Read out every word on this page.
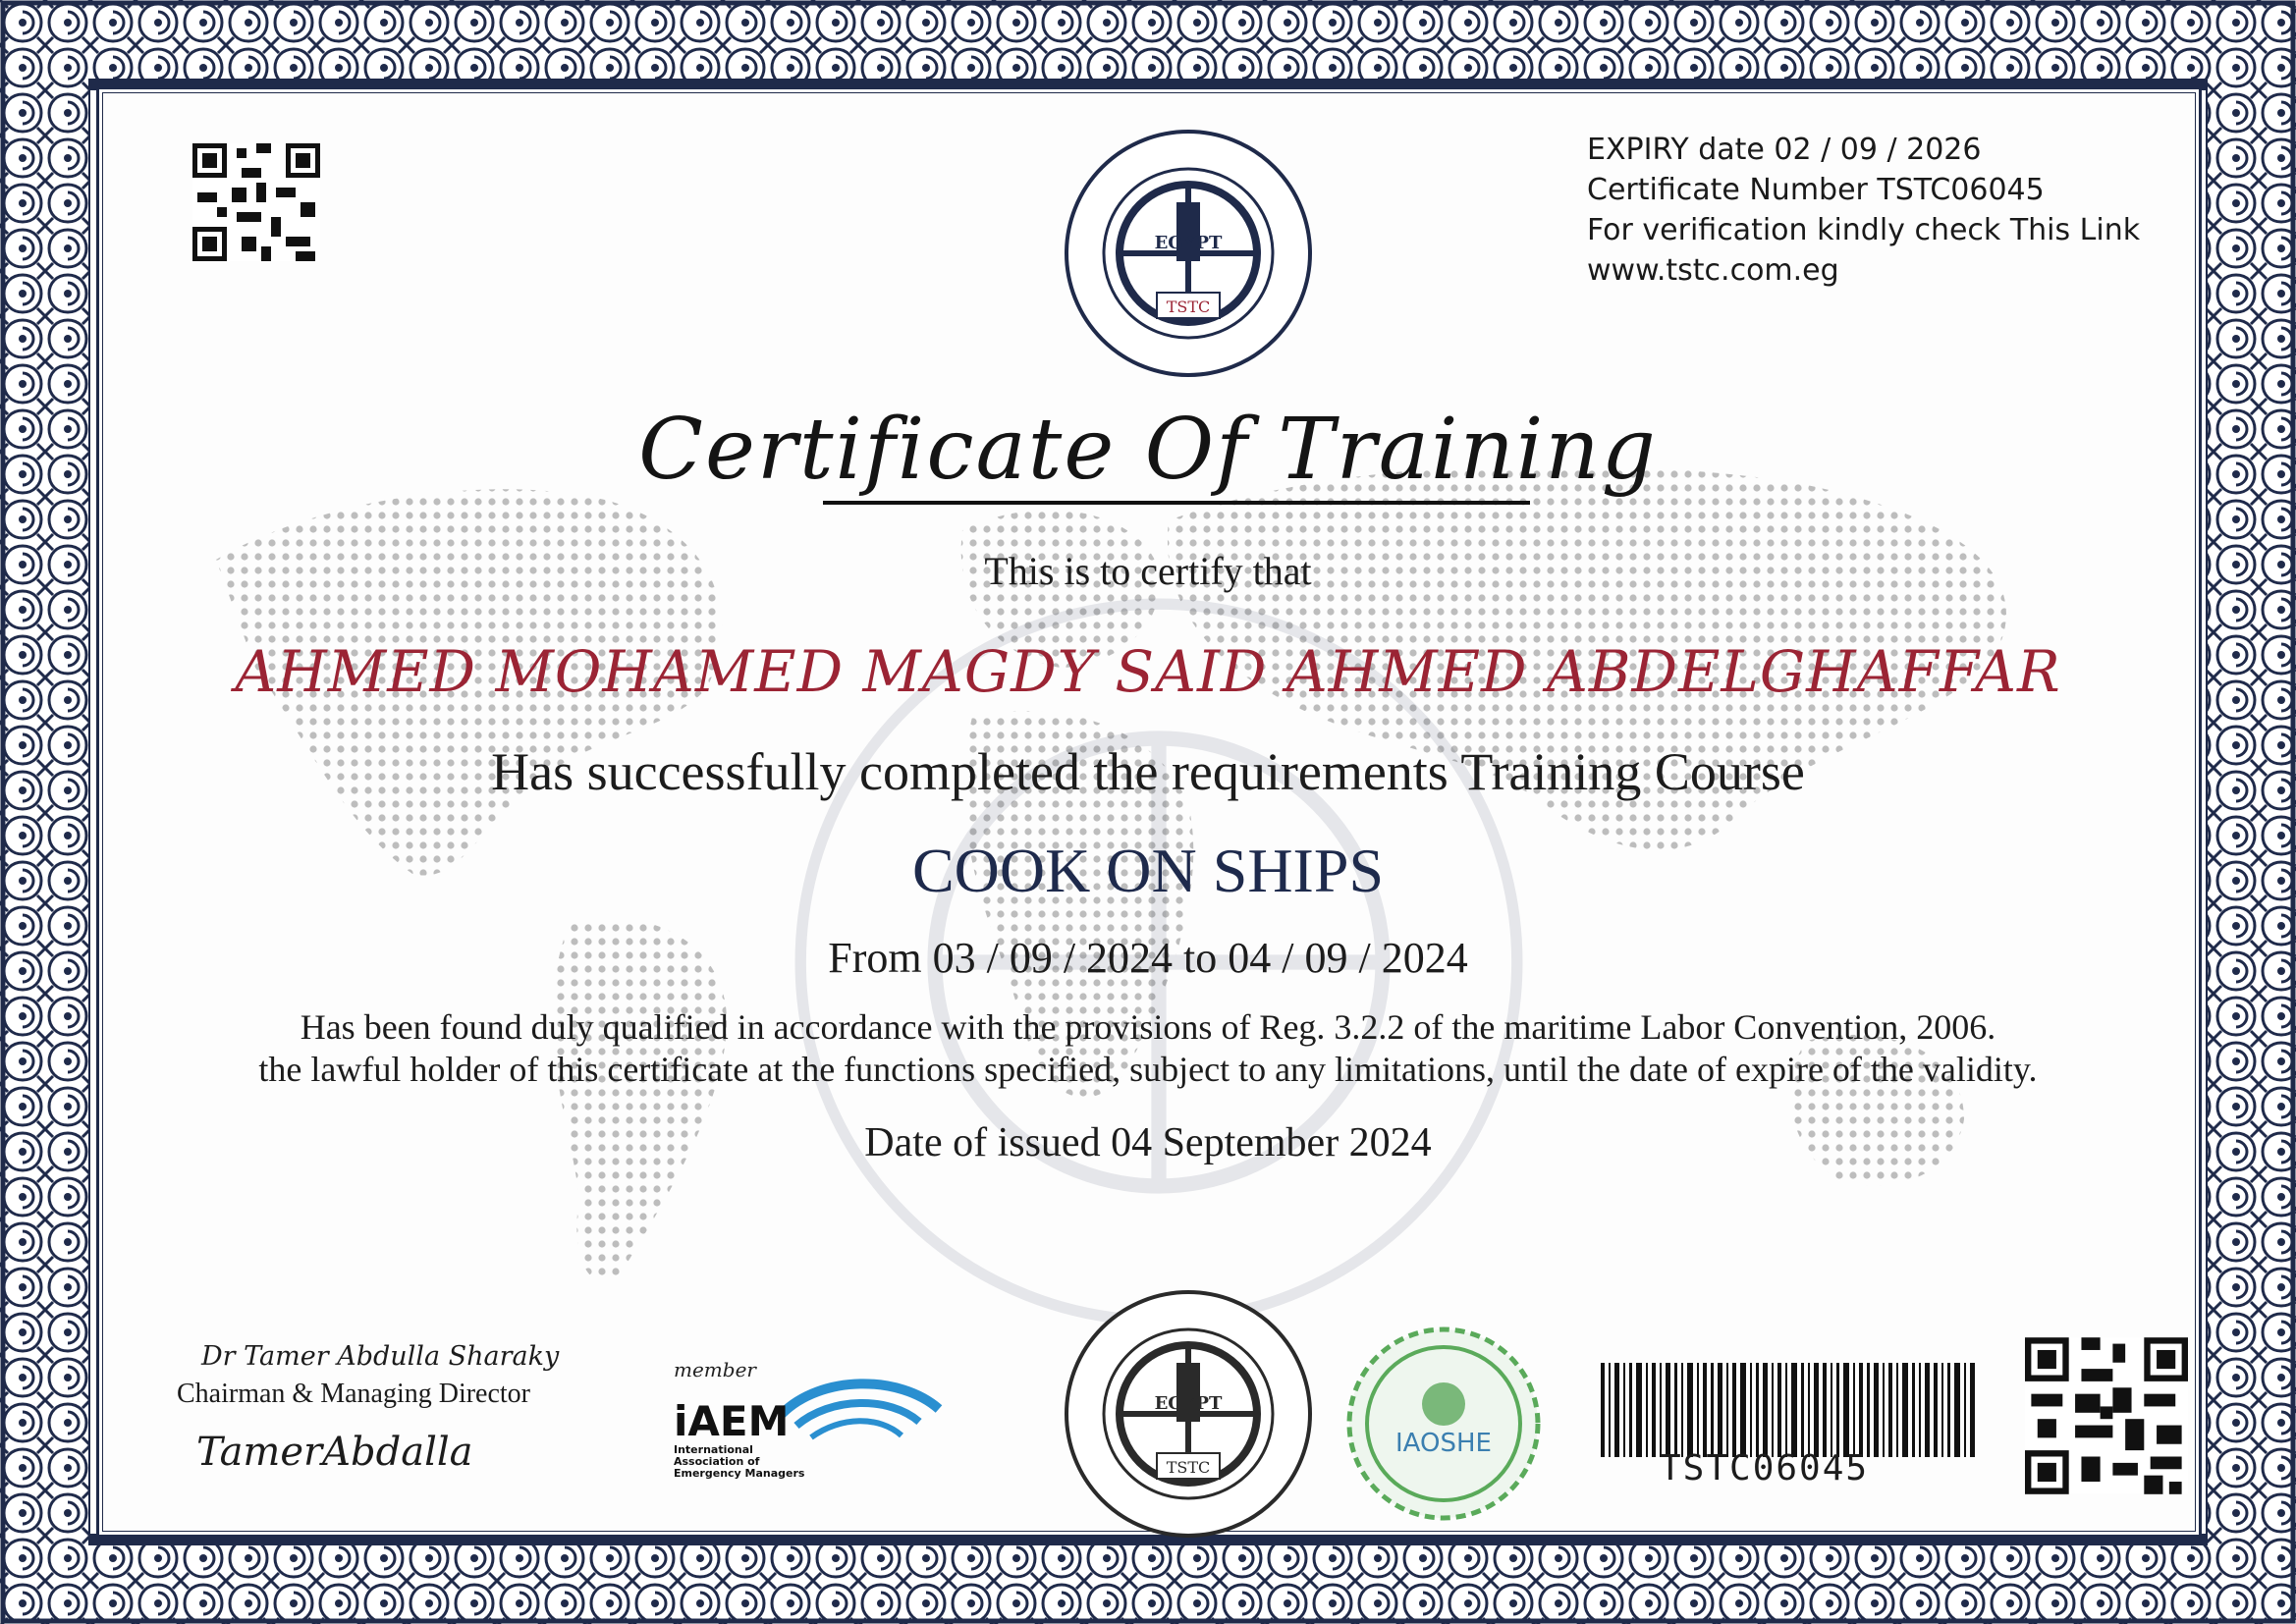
EGYPT
TSTC
EXPIRY date 02 / 09 / 2026
Certificate Number TSTC06045
For verification kindly check This Link
www.tstc.com.eg
Certificate Of Training
This is to certify that
AHMED MOHAMED MAGDY SAID AHMED ABDELGHAFFAR
Has successfully completed the requirements Training Course
COOK ON SHIPS
From 03 / 09 / 2024 to 04 / 09 / 2024
Has been found duly qualified in accordance with the provisions of Reg. 3.2.2 of the maritime Labor Convention, 2006.
the lawful holder of this certificate at the functions specified, subject to any limitations, until the date of expire of the validity.
Date of issued 04 September 2024
Dr Tamer Abdulla Sharaky
Chairman & Managing Director
TamerAbdalla
member
iAEM
International
Association of
Emergency Managers
EGYPT
TSTC
IAOSHE
TSTC06045
